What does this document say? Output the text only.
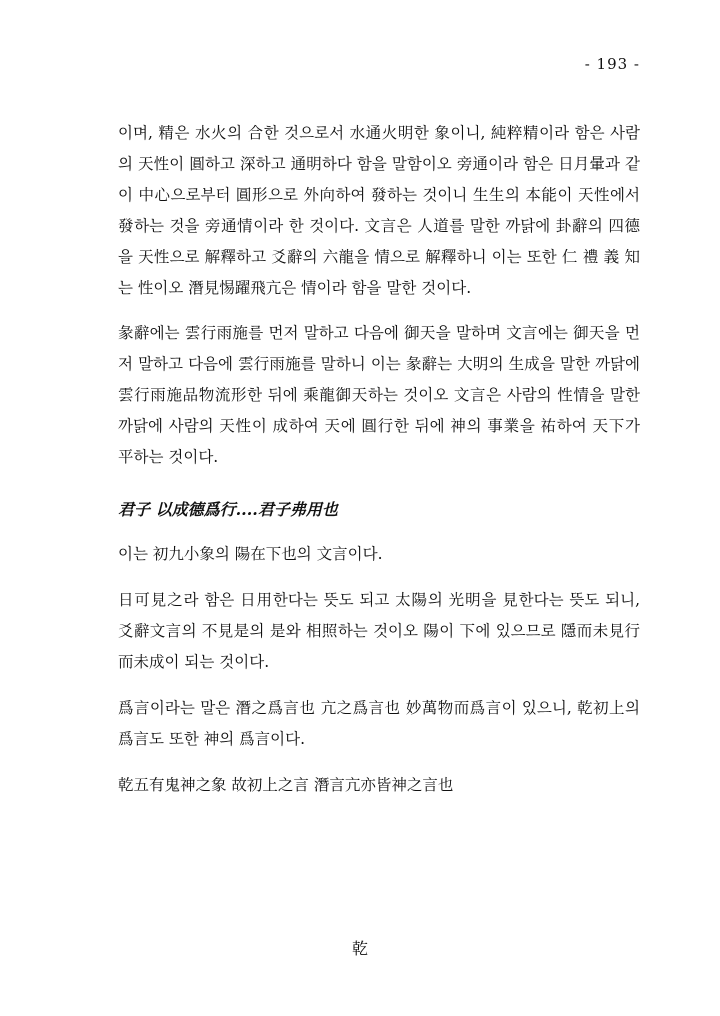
- 193 -

이며, 精은 水火의 合한 것으로서 水通火明한 象이니, 純粹精이라 함은 사람의 天性이 圓하고 深하고 通明하다 함을 말함이오 旁通이라 함은 日月暈과 같이 中心으로부터 圓形으로 外向하여 發하는 것이니 生生의 本能이 天性에서 發하는 것을 旁通情이라 한 것이다. 文言은 人道를 말한 까닭에 卦辭의 四德을 天性으로 解釋하고 爻辭의 六龍을 情으로 解釋하니 이는 또한 仁 禮 義 知는 性이오 潛見惕躍飛亢은 情이라 함을 말한 것이다.

彖辭에는 雲行雨施를 먼저 말하고 다음에 御天을 말하며 文言에는 御天을 먼저 말하고 다음에 雲行雨施를 말하니 이는 彖辭는 大明의 生成을 말한 까닭에 雲行雨施品物流形한 뒤에 乘龍御天하는 것이오 文言은 사람의 性情을 말한 까닭에 사람의 天性이 成하여 天에 圓行한 뒤에 神의 事業을 祐하여 天下가 平하는 것이다.

君子 以成德爲行....君子弗用也

이는 初九小象의 陽在下也의 文言이다.

日可見之라 함은 日用한다는 뜻도 되고 太陽의 光明을 見한다는 뜻도 되니, 爻辭文言의 不見是의 是와 相照하는 것이오 陽이 下에 있으므로 隱而未見行而未成이 되는 것이다.

爲言이라는 말은 潛之爲言也 亢之爲言也 妙萬物而爲言이 있으니, 乾初上의 爲言도 또한 神의 爲言이다.

乾五有鬼神之象 故初上之言 潛言亢亦皆神之言也

乾
